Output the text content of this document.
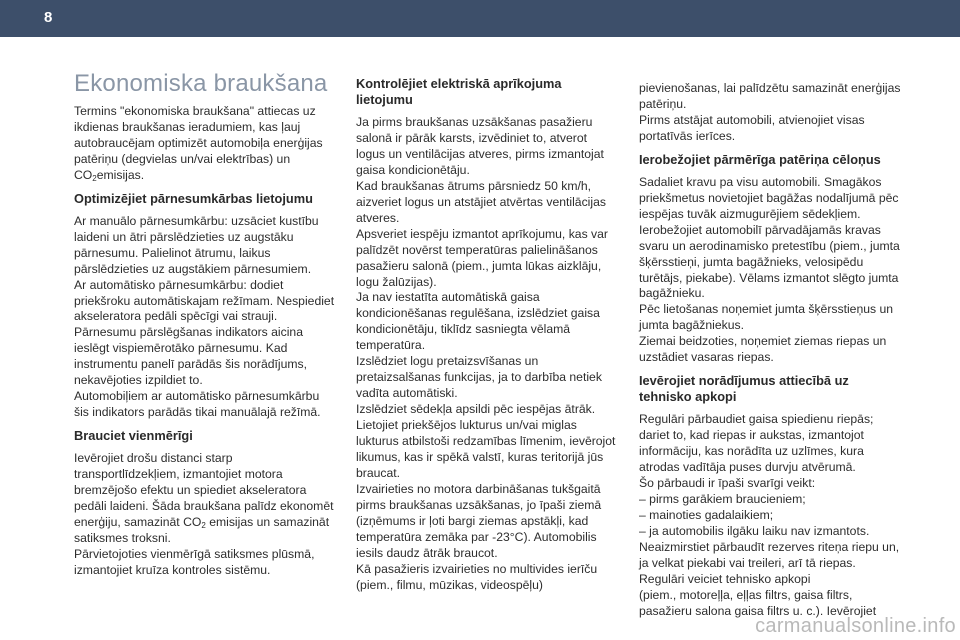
8
Ekonomiska braukšana

Termins "ekonomiska braukšana" attiecas uz ikdienas braukšanas ieradumiem, kas ļauj autobraucējam optimizēt automobiļa enerģijas patēriņu (degvielas un/vai elektrības) un $CO_2emisijas$.

Optimizējiet pārnesumkārbas lietojumu

Ar manuālo pārnesumkārbu: uzsāciet kustību laideni un ātri pārslēdzieties uz augstāku pārnesumu. Palielinot ātrumu, laikus pārslēdzieties uz augstākiem pārnesumiem.
Ar automātisko pārnesumkārbu: dodiet priekšroku automātiskajam režīmam. Nespiediet akseleratora pedāli spēcīgi vai strauji.
Pārnesumu pārslēgšanas indikators aicina ieslēgt vispiemērotāko pārnesumu. Kad instrumentu panelī parādās šis norādījums, nekavējoties izpildiet to.
Automobiļiem ar automātisko pārnesumkārbu šis indikators parādās tikai manuālajā režīmā.

Brauciet vienmērīgi

Ievērojiet drošu distanci starp transportlīdzekļiem, izmantojiet motora bremzējošo efektu un spiediet akseleratora pedāli laideni. Šāda braukšana palīdz ekonomēt enerģiju, samazināt $CO_2$ emisijas un samazināt satiksmes troksni.
Pārvietojoties vienmērīgā satiksmes plūsmā, izmantojiet kruīza kontroles sistēmu.

Kontrolējiet elektriskā aprīkojuma lietojumu

Ja pirms braukšanas uzsākšanas pasažieru salonā ir pārāk karsts, izvēdiniet to, atverot logus un ventilācijas atveres, pirms izmantojat gaisa kondicionētāju.
Kad braukšanas ātrums pārsniedz 50 km/h, aizveriet logus un atstājiet atvērtas ventilācijas atveres.
Apsveriet iespēju izmantot aprīkojumu, kas var palīdzēt novērst temperatūras palielināšanos pasažieru salonā (piem., jumta lūkas aizklāju, logu žalūzijas).
Ja nav iestatīta automātiskā gaisa kondicionēšanas regulēšana, izslēdziet gaisa kondicionētāju, tiklīdz sasniegta vēlamā temperatūra.
Izslēdziet logu pretaizsvīšanas un pretaizsalšanas funkcijas, ja to darbība netiek vadīta automātiski.
Izslēdziet sēdekļa apsildi pēc iespējas ātrāk.
Lietojiet priekšējos lukturus un/vai miglas lukturus atbilstoši redzamības līmenim, ievērojot likumus, kas ir spēkā valstī, kuras teritorijā jūs braucat.
Izvairieties no motora darbināšanas tukšgaitā pirms braukšanas uzsākšanas, jo īpaši ziemā (izņēmums ir ļoti bargi ziemas apstākļi, kad temperatūra zemāka par -23°C). Automobilis iesils daudz ātrāk braucot.
Kā pasažieris izvairieties no multivides ierīču (piem., filmu, mūzikas, videospēļu)

pievienošanas, lai palīdzētu samazināt enerģijas patēriņu.
Pirms atstājat automobili, atvienojiet visas portatīvās ierīces.

Ierobežojiet pārmērīga patēriņa cēloņus

Sadaliet kravu pa visu automobili. Smagākos priekšmetus novietojiet bagāžas nodalījumā pēc iespējas tuvāk aizmugurējiem sēdekļiem.
Ierobežojiet automobilī pārvadājamās kravas svaru un aerodinamisko pretestību (piem., jumta šķērsstieņi, jumta bagāžnieks, velosipēdu turētājs, piekabe). Vēlams izmantot slēgto jumta bagāžnieku.
Pēc lietošanas noņemiet jumta šķērsstieņus un jumta bagāžniekus.
Ziemai beidzoties, noņemiet ziemas riepas un uzstādiet vasaras riepas.

Ievērojiet norādījumus attiecībā uz tehnisko apkopi

Regulāri pārbaudiet gaisa spiedienu riepās; dariet to, kad riepas ir aukstas, izmantojot informāciju, kas norādīta uz uzlīmes, kura atrodas vadītāja puses durvju atvērumā.
Šo pārbaudi ir īpaši svarīgi veikt:
– pirms garākiem braucieniem;
– mainoties gadalaikiem;
– ja automobilis ilgāku laiku nav izmantots.
Neaizmirstiet pārbaudīt rezerves riteņa riepu un, ja velkat piekabi vai treileri, arī tā riepas.
Regulāri veiciet tehnisko apkopi
(piem., motoreļļa, eļļas filtrs, gaisa filtrs, pasažieru salona gaisa filtrs u. c.). Ievērojiet

carmanualsonline.info
